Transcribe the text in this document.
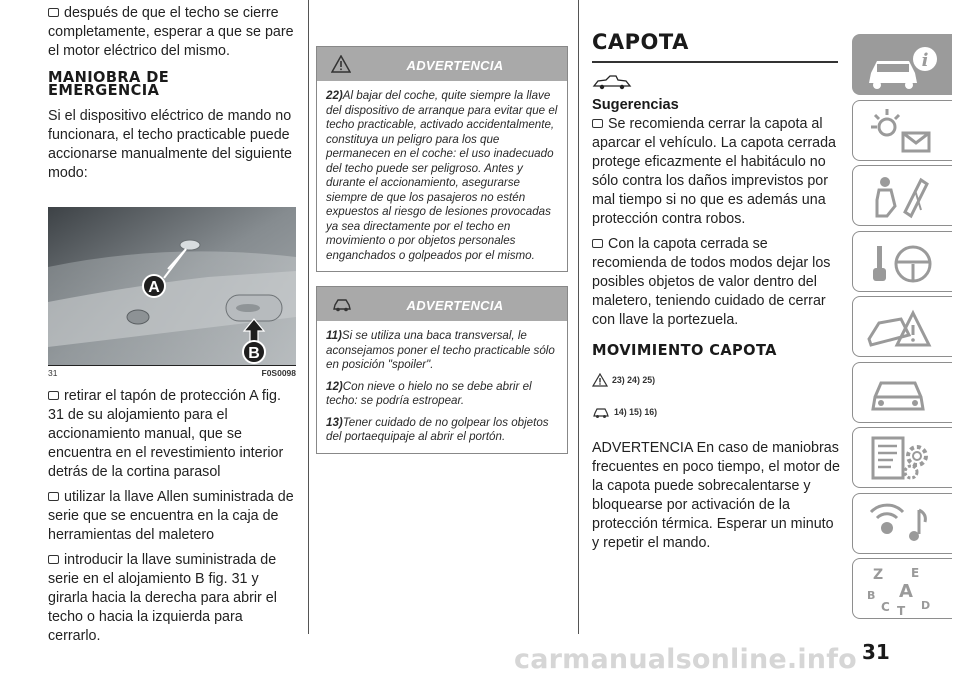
después de que el techo se cierre completamente, esperar a que se pare el motor eléctrico del mismo.

MANIOBRA DE
EMERGENCIA

Si el dispositivo eléctrico de mando no funcionara, el techo practicable puede accionarse manualmente del siguiente modo:

A
B
31	F0S0098

retirar el tapón de protección A fig. 31 de su alojamiento para el accionamiento manual, que se encuentra en el revestimiento interior detrás de la cortina parasol

utilizar la llave Allen suministrada de serie que se encuentra en la caja de herramientas del maletero

introducir la llave suministrada de serie en el alojamiento B fig. 31 y girarla hacia la derecha para abrir el techo o hacia la izquierda para cerrarlo.

ADVERTENCIA

22)Al bajar del coche, quite siempre la llave del dispositivo de arranque para evitar que el techo practicable, activado accidentalmente, constituya un peligro para los que permanecen en el coche: el uso inadecuado del techo puede ser peligroso. Antes y durante el accionamiento, asegurarse siempre de que los pasajeros no estén expuestos al riesgo de lesiones provocadas ya sea directamente por el techo en movimiento o por objetos personales enganchados o golpeados por el mismo.

ADVERTENCIA

11)Si se utiliza una baca transversal, le aconsejamos poner el techo practicable sólo en posición "spoiler".

12)Con nieve o hielo no se debe abrir el techo: se podría estropear.

13)Tener cuidado de no golpear los objetos del portaequipaje al abrir el portón.

CAPOTA
Sugerencias

Se recomienda cerrar la capota al aparcar el vehículo. La capota cerrada protege eficazmente el habitáculo no sólo contra los daños imprevistos por mal tiempo si no que es además una protección contra robos.

Con la capota cerrada se recomienda de todos modos dejar los posibles objetos de valor dentro del maletero, teniendo cuidado de cerrar con llave la portezuela.

MOVIMIENTO CAPOTA
23) 24) 25)
14) 15) 16)

ADVERTENCIA En caso de maniobras frecuentes en poco tiempo, el motor de la capota puede sobrecalentarse y bloquearse por activación de la protección térmica. Esperar un minuto y repetir el mando.

i
Z E
B A
C T D
31
carmanualsonline.info
